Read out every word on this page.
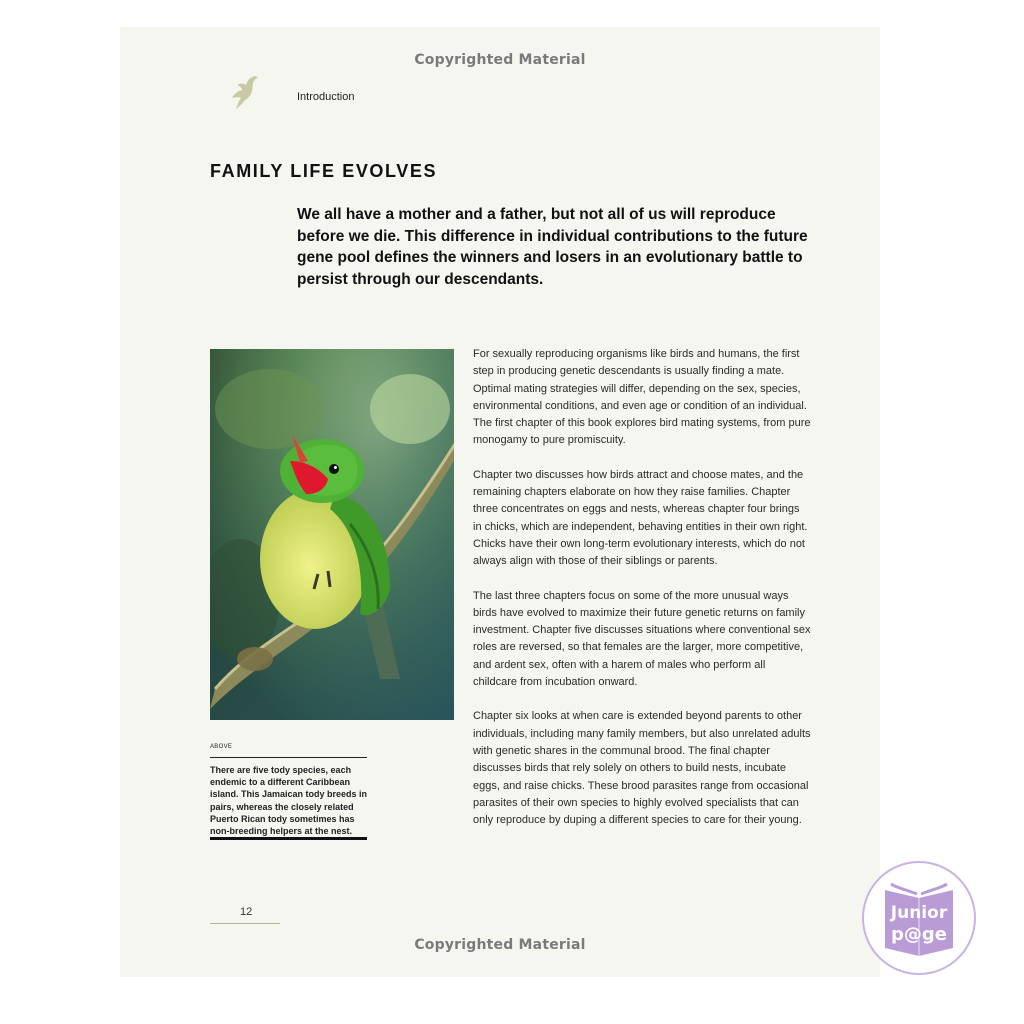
Copyrighted Material
Introduction
FAMILY LIFE EVOLVES
We all have a mother and a father, but not all of us will reproduce before we die. This difference in individual contributions to the future gene pool defines the winners and losers in an evolutionary battle to persist through our descendants.
ABOVE
There are five tody species, each endemic to a different Caribbean island. This Jamaican tody breeds in pairs, whereas the closely related Puerto Rican tody sometimes has non-breeding helpers at the nest.

For sexually reproducing organisms like birds and humans, the first step in producing genetic descendants is usually finding a mate. Optimal mating strategies will differ, depending on the sex, species, environmental conditions, and even age or condition of an individual. The first chapter of this book explores bird mating systems, from pure monogamy to pure promiscuity.

Chapter two discusses how birds attract and choose mates, and the remaining chapters elaborate on how they raise families. Chapter three concentrates on eggs and nests, whereas chapter four brings in chicks, which are independent, behaving entities in their own right. Chicks have their own long-term evolutionary interests, which do not always align with those of their siblings or parents.

The last three chapters focus on some of the more unusual ways birds have evolved to maximize their future genetic returns on family investment. Chapter five discusses situations where conventional sex roles are reversed, so that females are the larger, more competitive, and ardent sex, often with a harem of males who perform all childcare from incubation onward.

Chapter six looks at when care is extended beyond parents to other individuals, including many family members, but also unrelated adults with genetic shares in the communal brood. The final chapter discusses birds that rely solely on others to build nests, incubate eggs, and raise chicks. These brood parasites range from occasional parasites of their own species to highly evolved specialists that can only reproduce by duping a different species to care for their young.

12
Copyrighted Material
Junior
p@ge
